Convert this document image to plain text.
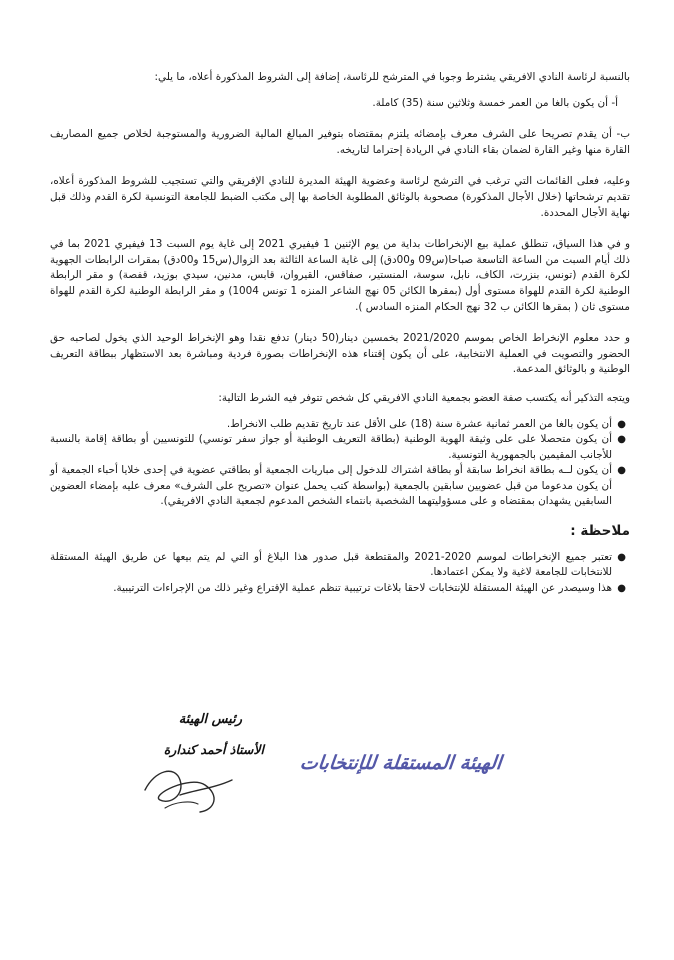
بالنسبة لرئاسة النادي الافريقي يشترط وجوبا في المترشح للرئاسة، إضافة إلى الشروط المذكورة أعلاه، ما يلي:

أ- أن يكون بالغا من العمر خمسة وثلاثين سنة (35) كاملة.

ب- أن يقدم تصريحا على الشرف معرف بإمضائه يلتزم بمقتضاه بتوفير المبالغ المالية الضرورية والمستوجبة لخلاص جميع المصاريف القارة منها وغير القارة لضمان بقاء النادي في الريادة إحتراما لتاريخه.

وعليه، فعلى القائمات التي ترغب في الترشح لرئاسة وعضوية الهيئة المديرة للنادي الإفريقي والتي تستجيب للشروط المذكورة أعلاه، تقديم ترشحاتها (خلال الأجال المذكورة) مصحوبة بالوثائق المطلوبة الخاصة بها إلى مكتب الضبط للجامعة التونسية لكرة القدم وذلك قبل نهاية الأجال المحددة.

و في هذا السياق، تنطلق عملية بيع الإنخراطات بداية من يوم الإثنين 1 فيفيري 2021 إلى غاية يوم السبت 13 فيفيري 2021 بما في ذلك أيام السبت من الساعة التاسعة صباحا(س09 و00دق) إلى غاية الساعة الثالثة بعد الزوال(س15 و00دق) بمقرات الرابطات الجهوية لكرة القدم (تونس، بنزرت، الكاف، نابل، سوسة، المنستير، صفاقس، القيروان، قابس، مدنين، سيدي بوزيد، قفصة) و مقر الرابطة الوطنية لكرة القدم للهواة مستوى أول (بمقرها الكائن 05 نهج الشاعر المنزه 1 تونس 1004) و مقر الرابطة الوطنية لكرة القدم للهواة مستوى ثان ( بمقرها الكائن ب 32 نهج الحكام المنزه السادس ).

و حدد معلوم الإنخراط الخاص بموسم 2021/2020 بخمسين دينار(50 دينار) تدفع نقدا وهو الإنخراط الوحيد الذي يخول لصاحبه حق الحضور والتصويت في العملية الانتخابية، على أن يكون إقتناء هذه الإنخراطات بصورة فردية ومباشرة بعد الاستظهار ببطاقة التعريف الوطنية و بالوثائق المدعمة.

ويتجه التذكير أنه يكتسب صفة العضو بجمعية النادي الافريقي كل شخص تتوفر فيه الشرط التالية:

●
أن يكون بالغا من العمر ثمانية عشرة سنة (18) على الأقل عند تاريخ تقديم طلب الانخراط.
●
أن يكون متحصلا على على وثيقة الهوية الوطنية (بطاقة التعريف الوطنية أو جواز سفر تونسي) للتونسيين أو بطاقة إقامة بالنسبة للأجانب المقيمين بالجمهورية التونسية.
●
أن يكون لــه بطاقة انخراط سابقة أو بطاقة اشتراك للدخول إلى مباريات الجمعية أو بطاقتي عضوية في إحدى خلايا أحباء الجمعية أو أن يكون مدعوما من قبل عضويين سابقين بالجمعية (بواسطة كتب يحمل عنوان «تصريح على الشرف» معرف عليه بإمضاء العضوين السابقين يشهدان بمقتضاه و على مسؤوليتهما الشخصية بانتماء الشخص المدعوم لجمعية النادي الافريقي).

ملاحظة :

●
تعتبر جميع الإنخراطات لموسم 2020-2021 والمقتطعة قبل صدور هذا البلاغ أو التي لم يتم بيعها عن طريق الهيئة المستقلة للانتخابات للجامعة لاغية ولا يمكن اعتمادها.
●
هذا وسيصدر عن الهيئة المستقلة للإنتخابات لاحقا بلاغات ترتيبية تنظم عملية الإقتراع وغير ذلك من الإجراءات الترتيبية.
رئيس الهيئة
الأستاذ أحمد كندارة
الهيئة المستقلة للإنتخابات
